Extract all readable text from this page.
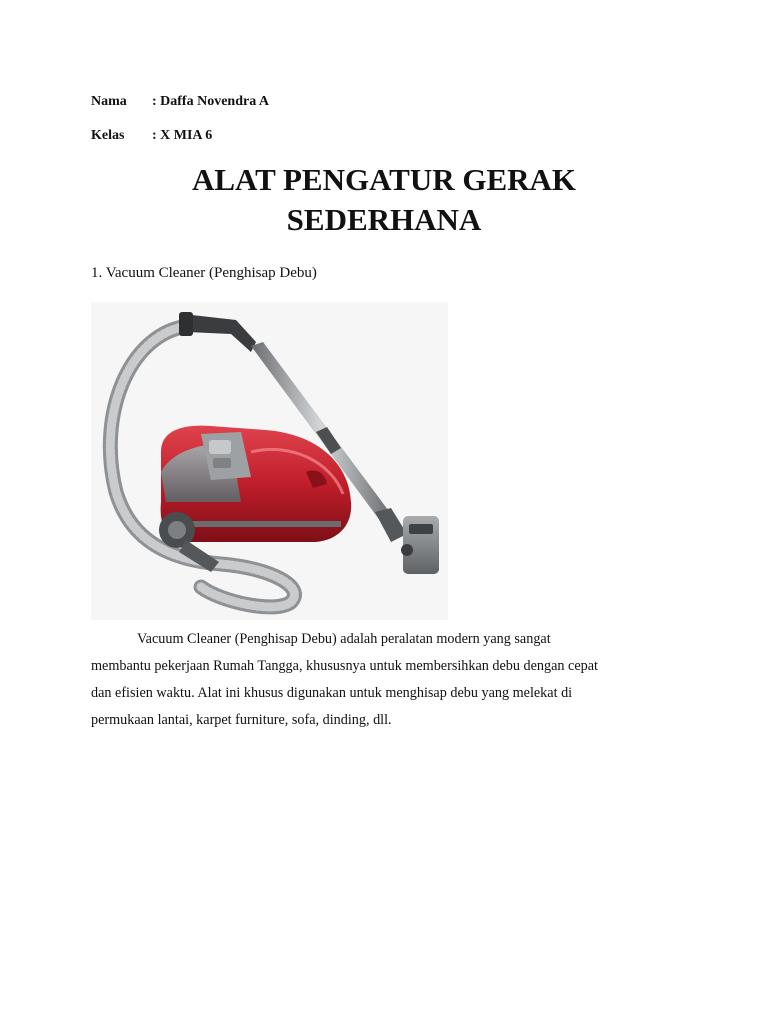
Nama	: Daffa Novendra A
Kelas	: X MIA 6
ALAT PENGATUR GERAK
SEDERHANA

1. Vacuum Cleaner (Penghisap Debu)

Vacuum Cleaner (Penghisap Debu) adalah peralatan modern yang sangat
membantu pekerjaan Rumah Tangga, khususnya untuk membersihkan debu dengan cepat
dan efisien waktu. Alat ini khusus digunakan untuk menghisap debu yang melekat di
permukaan lantai, karpet furniture, sofa, dinding, dll.
